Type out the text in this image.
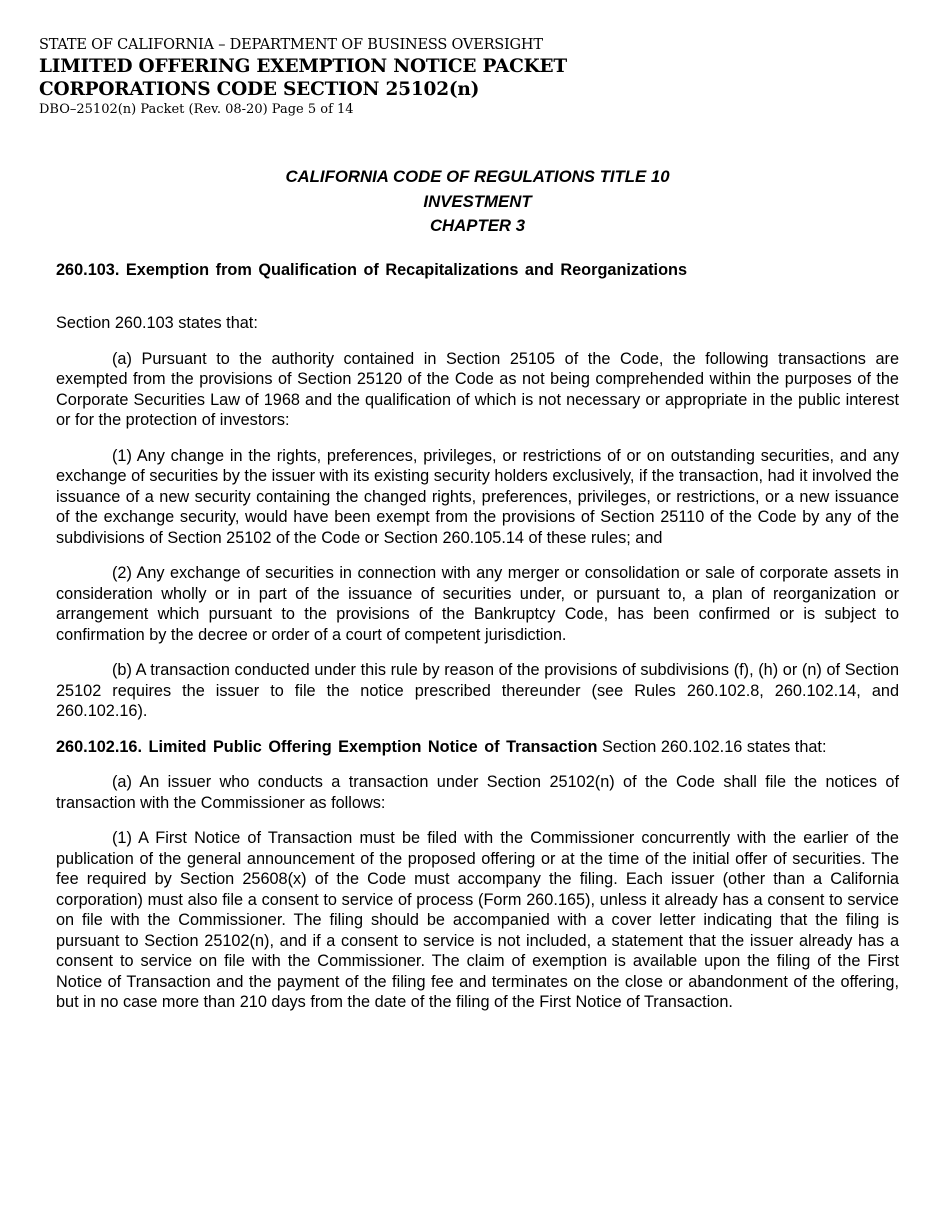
STATE OF CALIFORNIA – DEPARTMENT OF BUSINESS OVERSIGHT
LIMITED OFFERING EXEMPTION NOTICE PACKET
CORPORATIONS CODE SECTION 25102(n)
DBO–25102(n) Packet (Rev. 08-20) Page 5 of 14
CALIFORNIA CODE OF REGULATIONS TITLE 10
INVESTMENT
CHAPTER 3
260.103. Exemption from Qualification of Recapitalizations and Reorganizations
Section 260.103 states that:

(a) Pursuant to the authority contained in Section 25105 of the Code, the following transactions are exempted from the provisions of Section 25120 of the Code as not being comprehended within the purposes of the Corporate Securities Law of 1968 and the qualification of which is not necessary or appropriate in the public interest or for the protection of investors:

(1) Any change in the rights, preferences, privileges, or restrictions of or on outstanding securities, and any exchange of securities by the issuer with its existing security holders exclusively, if the transaction, had it involved the issuance of a new security containing the changed rights, preferences, privileges, or restrictions, or a new issuance of the exchange security, would have been exempt from the provisions of Section 25110 of the Code by any of the subdivisions of Section 25102 of the Code or Section 260.105.14 of these rules; and

(2) Any exchange of securities in connection with any merger or consolidation or sale of corporate assets in consideration wholly or in part of the issuance of securities under, or pursuant to, a plan of reorganization or arrangement which pursuant to the provisions of the Bankruptcy Code, has been confirmed or is subject to confirmation by the decree or order of a court of competent jurisdiction.

(b) A transaction conducted under this rule by reason of the provisions of subdivisions (f), (h) or (n) of Section 25102 requires the issuer to file the notice prescribed thereunder (see Rules 260.102.8, 260.102.14, and 260.102.16).

260.102.16. Limited Public Offering Exemption Notice of Transaction Section 260.102.16 states that:

(a) An issuer who conducts a transaction under Section 25102(n) of the Code shall file the notices of transaction with the Commissioner as follows:

(1) A First Notice of Transaction must be filed with the Commissioner concurrently with the earlier of the publication of the general announcement of the proposed offering or at the time of the initial offer of securities. The fee required by Section 25608(x) of the Code must accompany the filing. Each issuer (other than a California corporation) must also file a consent to service of process (Form 260.165), unless it already has a consent to service on file with the Commissioner. The filing should be accompanied with a cover letter indicating that the filing is pursuant to Section 25102(n), and if a consent to service is not included, a statement that the issuer already has a consent to service on file with the Commissioner. The claim of exemption is available upon the filing of the First Notice of Transaction and the payment of the filing fee and terminates on the close or abandonment of the offering, but in no case more than 210 days from the date of the filing of the First Notice of Transaction.
